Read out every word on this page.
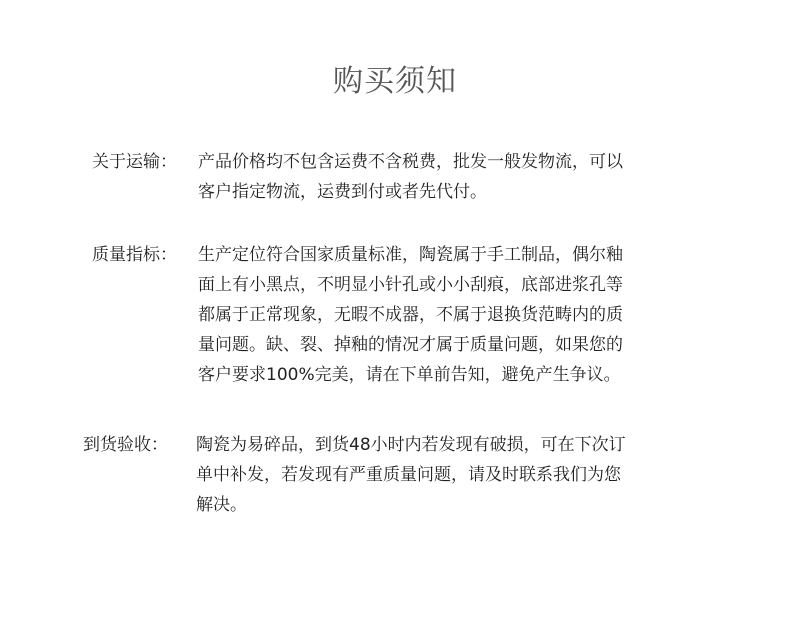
购买须知
关于运输： 产品价格均不包含运费不含税费，批发一般发物流，可以
客户指定物流，运费到付或者先代付。
质量指标： 生产定位符合国家质量标准，陶瓷属于手工制品，偶尔釉
面上有小黑点，不明显小针孔或小小刮痕，底部进浆孔等
都属于正常现象，无暇不成器，不属于退换货范畴内的质
量问题。缺、裂、掉釉的情况才属于质量问题，如果您的
客户要求100%完美，请在下单前告知，避免产生争议。
到货验收： 陶瓷为易碎品，到货48小时内若发现有破损，可在下次订
单中补发，若发现有严重质量问题，请及时联系我们为您
解决。
